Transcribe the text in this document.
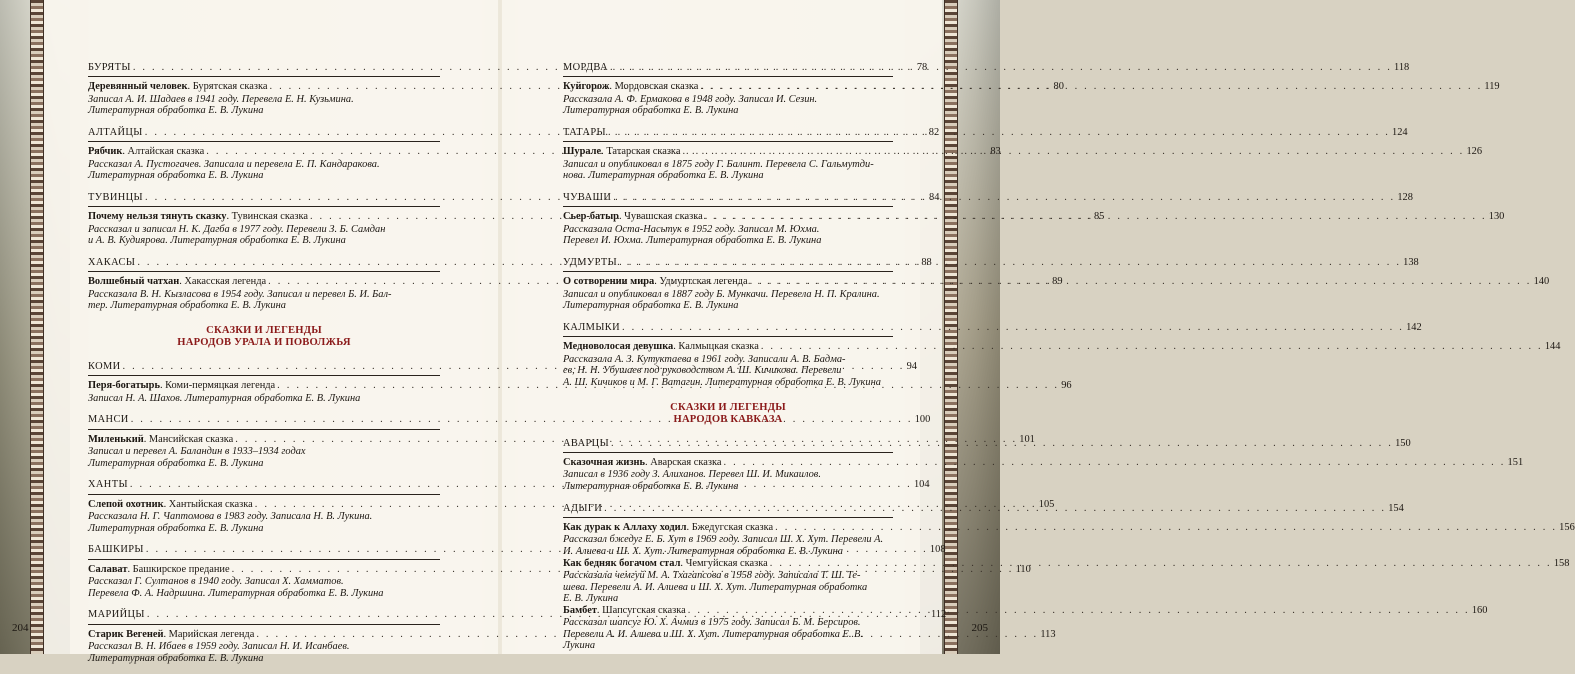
БУРЯТЫ . . .	78
Деревянный человек. Бурятская сказка . . .	80
Записал А. И. Шадаев в 1941 году. Перевела Е. Н. Кузьмина.
Литературная обработка Е. В. Лукина
АЛТАЙЦЫ . . .	82
Рябчик. Алтайская сказка . . .	83
Рассказал А. Пустогачев. Записала и перевела Е. П. Кандаракова.
Литературная обработка Е. В. Лукина
ТУВИНЦЫ . . .	84
Почему нельзя тянуть сказку. Тувинская сказка . . .	85
Рассказал и записал Н. К. Дагба в 1977 году. Перевели З. Б. Самдан
и А. В. Кудиярова. Литературная обработка Е. В. Лукина
ХАКАСЫ . . .	88
Волшебный чатхан. Хакасская легенда . . .	89
Рассказала В. Н. Кызласова в 1954 году. Записал и перевел Б. И. Бал-
тер. Литературная обработка Е. В. Лукина
СКАЗКИ И ЛЕГЕНДЫ
НАРОДОВ УРАЛА И ПОВОЛЖЬЯ
КОМИ . . .	94
Перя-богатырь. Коми-пермяцкая легенда . . .	96
Записал Н. А. Шахов. Литературная обработка Е. В. Лукина
МАНСИ . . .	100
Миленький. Мансийская сказка . . .	101
Записал и перевел А. Баландин в 1933–1934 годах
Литературная обработка Е. В. Лукина
ХАНТЫ . . .	104
Слепой охотник. Хантыйская сказка . . .	105
Рассказала Н. Г. Чаптомова в 1983 году. Записала Н. В. Лукина.
Литературная обработка Е. В. Лукина
БАШКИРЫ . . .	108
Салават. Башкирское предание . . .	110
Рассказал Г. Султанов в 1940 году. Записал Х. Хамматов.
Перевела Ф. А. Надршина. Литературная обработка Е. В. Лукина
МАРИЙЦЫ . . .	112
Старик Вегеней. Марийская легенда . . .	113
Рассказал В. Н. Ибаев в 1959 году. Записал Н. И. Исанбаев.
Литературная обработка Е. В. Лукина
МОРДВА . . .	118
Куйгорож. Мордовская сказка . . .	119
Рассказала А. Ф. Ермакова в 1948 году. Записал И. Сезин.
Литературная обработка Е. В. Лукина
ТАТАРЫ . . .	124
Шурале. Татарская сказка . . .	126
Записал и опубликовал в 1875 году Г. Балинт. Перевела С. Гальмутди-
нова. Литературная обработка Е. В. Лукина
ЧУВАШИ . . .	128
Сьер-батыр. Чувашская сказка . . .	130
Рассказала Оста-Насьтук в 1952 году. Записал М. Юхма.
Перевел И. Юхма. Литературная обработка Е. В. Лукина
УДМУРТЫ . . .	138
О сотворении мира. Удмуртская легенда . . .	140
Записал и опубликовал в 1887 году Б. Мункачи. Перевела Н. П. Кралина.
Литературная обработка Е. В. Лукина
КАЛМЫКИ . . .	142
Медноволосая девушка. Калмыцкая сказка . . .	144
Рассказала А. З. Кутуктаева в 1961 году. Записали А. В. Бадма-
ев, Н. Н. Убушаев под руководством А. Ш. Кичикова. Перевели
А. Ш. Кичиков и М. Г. Ватагин. Литературная обработка Е. В. Лукина
СКАЗКИ И ЛЕГЕНДЫ
НАРОДОВ КАВКАЗА
АВАРЦЫ . . .	150
Сказочная жизнь. Аварская сказка . . .	151
Записал в 1936 году З. Алиханов. Перевел Ш. И. Микаилов.
Литературная обработка Е. В. Лукина
АДЫГИ . . .	154
Как дурак к Аллаху ходил. Бжедугская сказка . . .	156
Рассказал бжедуг Е. Б. Хут в 1969 году. Записал Ш. Х. Хут. Перевели А.
И. Алиева и Ш. Х. Хут. Литературная обработка Е. В. Лукина
Как бедняк богачом стал. Чемгуйская сказка . . .	158
Рассказала чемгуй М. А. Тхагапсова в 1958 году. Записала Т. Ш. Те-
шева. Перевели А. И. Алиева и Ш. Х. Хут. Литературная обработка
Е. В. Лукина
Бамбет. Шапсугская сказка . . .	160
Рассказал шапсуг Ю. Х. Ачмиз в 1975 году. Записал Б. М. Берсиров.
Перевели А. И. Алиева и Ш. Х. Хут. Литературная обработка Е. В. Лукина
204	205
